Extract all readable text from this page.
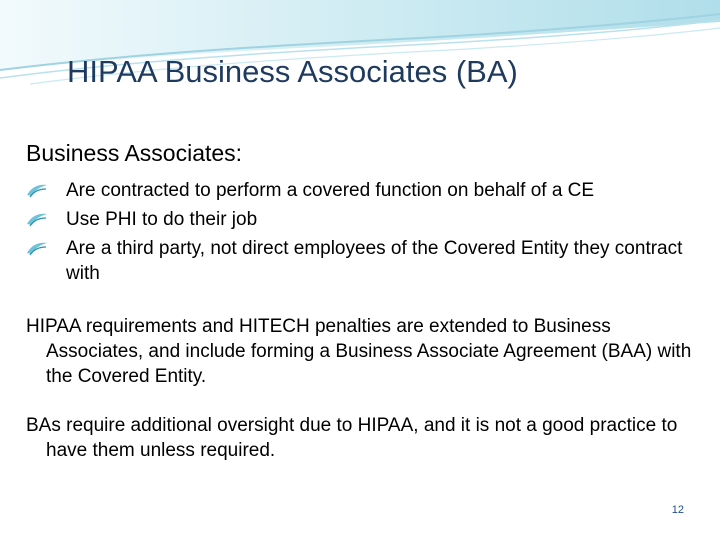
HIPAA Business Associates (BA)
Business Associates:
Are contracted to perform a covered function on behalf of a CE
Use PHI to do their job
Are a third party, not direct employees of the Covered Entity they contract with

HIPAA requirements and HITECH penalties are extended to Business Associates, and include forming a Business Associate Agreement (BAA) with the Covered Entity.

BAs require additional oversight due to HIPAA, and it is not a good practice to have them unless required.

12
